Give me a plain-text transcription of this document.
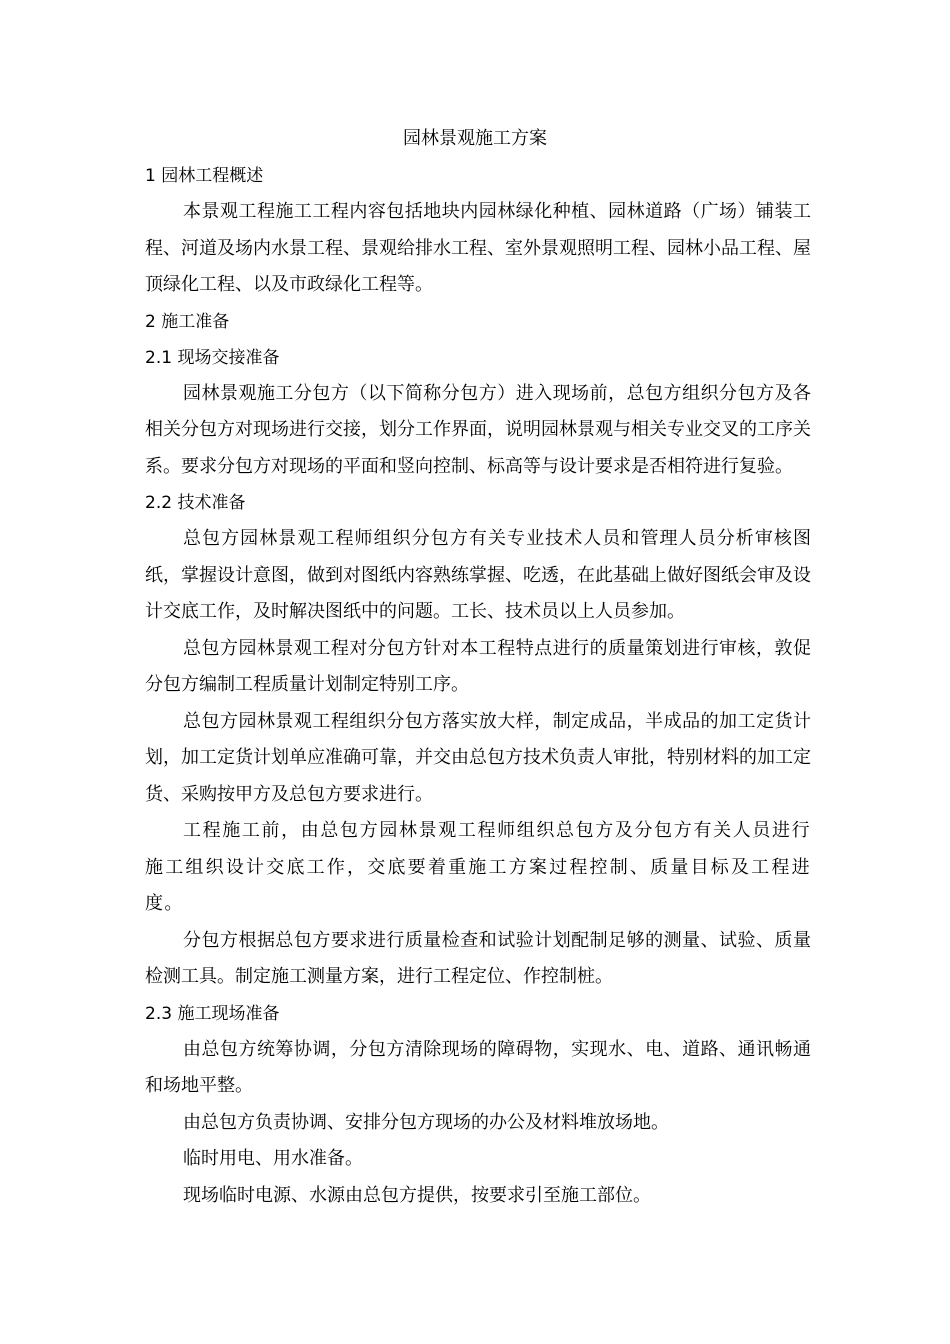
园林景观施工方案
1 园林工程概述

本景观工程施工工程内容包括地块内园林绿化种植、园林道路（广场）铺装工程、河道及场内水景工程、景观给排水工程、室外景观照明工程、园林小品工程、屋顶绿化工程、以及市政绿化工程等。

2 施工准备
2.1 现场交接准备

园林景观施工分包方（以下简称分包方）进入现场前，总包方组织分包方及各相关分包方对现场进行交接，划分工作界面，说明园林景观与相关专业交叉的工序关系。要求分包方对现场的平面和竖向控制、标高等与设计要求是否相符进行复验。

2.2 技术准备

总包方园林景观工程师组织分包方有关专业技术人员和管理人员分析审核图纸，掌握设计意图，做到对图纸内容熟练掌握、吃透，在此基础上做好图纸会审及设计交底工作，及时解决图纸中的问题。工长、技术员以上人员参加。

总包方园林景观工程对分包方针对本工程特点进行的质量策划进行审核，敦促分包方编制工程质量计划制定特别工序。

总包方园林景观工程组织分包方落实放大样，制定成品，半成品的加工定货计划，加工定货计划单应准确可靠，并交由总包方技术负责人审批，特别材料的加工定货、采购按甲方及总包方要求进行。

工程施工前，由总包方园林景观工程师组织总包方及分包方有关人员进行施工组织设计交底工作，交底要着重施工方案过程控制、质量目标及工程进度。

分包方根据总包方要求进行质量检查和试验计划配制足够的测量、试验、质量检测工具。制定施工测量方案，进行工程定位、作控制桩。

2.3 施工现场准备

由总包方统筹协调，分包方清除现场的障碍物，实现水、电、道路、通讯畅通和场地平整。

由总包方负责协调、安排分包方现场的办公及材料堆放场地。

临时用电、用水准备。

现场临时电源、水源由总包方提供，按要求引至施工部位。
